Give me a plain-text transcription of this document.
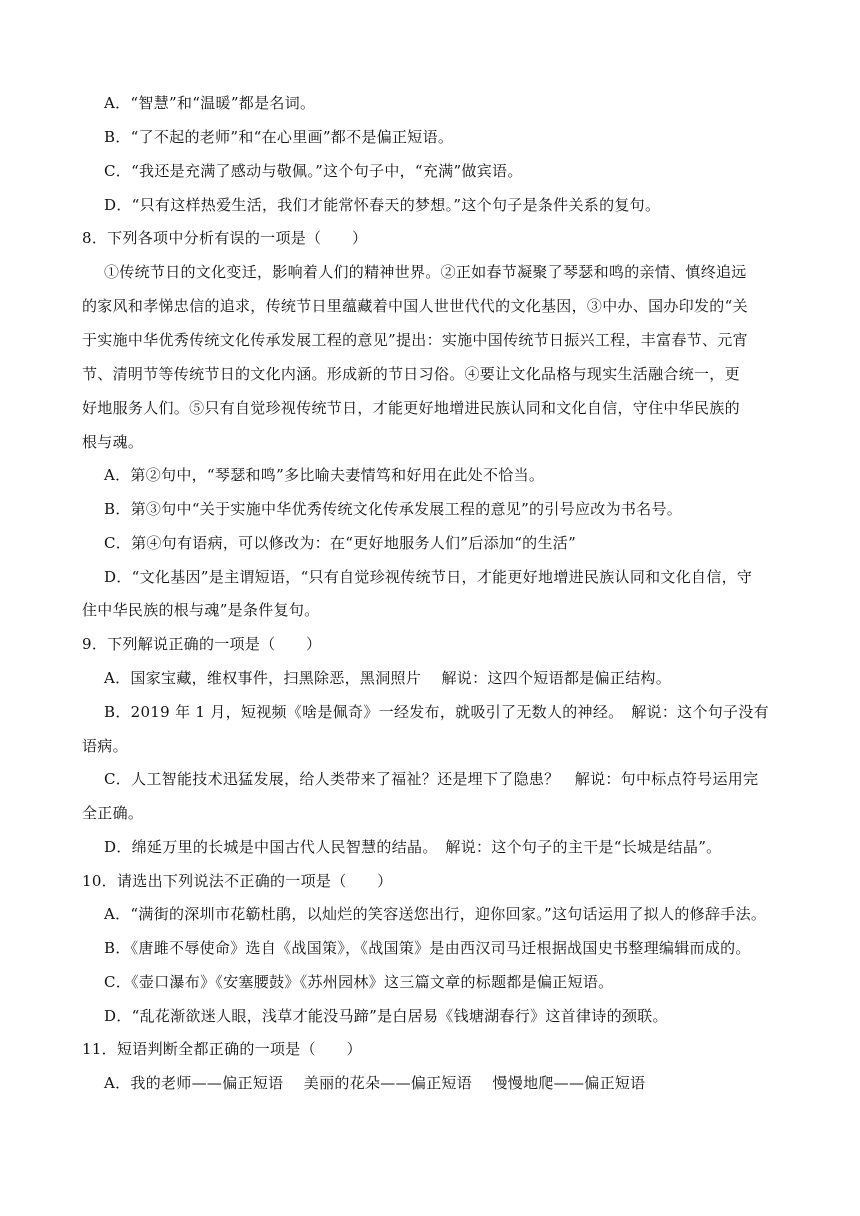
A．“智慧”和“温暖”都是名词。
B．“了不起的老师”和“在心里画”都不是偏正短语。
C．“我还是充满了感动与敬佩。”这个句子中，“充满”做宾语。
D．“只有这样热爱生活，我们才能常怀春天的梦想。”这个句子是条件关系的复句。
8．下列各项中分析有误的一项是（　　）
①传统节日的文化变迁，影响着人们的精神世界。②正如春节凝聚了琴瑟和鸣的亲情、慎终追远
的家风和孝悌忠信的追求，传统节日里蕴藏着中国人世世代代的文化基因，③中办、国办印发的“关
于实施中华优秀传统文化传承发展工程的意见”提出：实施中国传统节日振兴工程，丰富春节、元宵
节、清明节等传统节日的文化内涵。形成新的节日习俗。④要让文化品格与现实生活融合统一，更
好地服务人们。⑤只有自觉珍视传统节日，才能更好地增进民族认同和文化自信，守住中华民族的
根与魂。
A．第②句中，“琴瑟和鸣”多比喻夫妻情笃和好用在此处不恰当。
B．第③句中“关于实施中华优秀传统文化传承发展工程的意见”的引号应改为书名号。
C．第④句有语病，可以修改为：在“更好地服务人们”后添加“的生活”
D．“文化基因”是主谓短语，“只有自觉珍视传统节日，才能更好地增进民族认同和文化自信，守
住中华民族的根与魂”是条件复句。
9．下列解说正确的一项是（　　）
A．国家宝藏，维权事件，扫黑除恶，黑洞照片　 解说：这四个短语都是偏正结构。
B．2019 年 1 月，短视频《啥是佩奇》一经发布，就吸引了无数人的神经。　解说：这个句子没有
语病。
C．人工智能技术迅猛发展，给人类带来了福祉？还是埋下了隐患？　解说：句中标点符号运用完
全正确。
D．绵延万里的长城是中国古代人民智慧的结晶。　解说：这个句子的主干是“长城是结晶”。
10．请选出下列说法不正确的一项是（　　）
A．“满街的深圳市花簕杜鹃，以灿烂的笑容送您出行，迎你回家。”这句话运用了拟人的修辞手法。
B．《唐雎不辱使命》选自《战国策》，《战国策》是由西汉司马迁根据战国史书整理编辑而成的。
C．《壶口瀑布》《安塞腰鼓》《苏州园林》这三篇文章的标题都是偏正短语。
D．“乱花渐欲迷人眼，浅草才能没马蹄”是白居易《钱塘湖春行》这首律诗的颈联。
11．短语判断全都正确的一项是（　　）
A．我的老师——偏正短语　 美丽的花朵——偏正短语　 慢慢地爬——偏正短语
